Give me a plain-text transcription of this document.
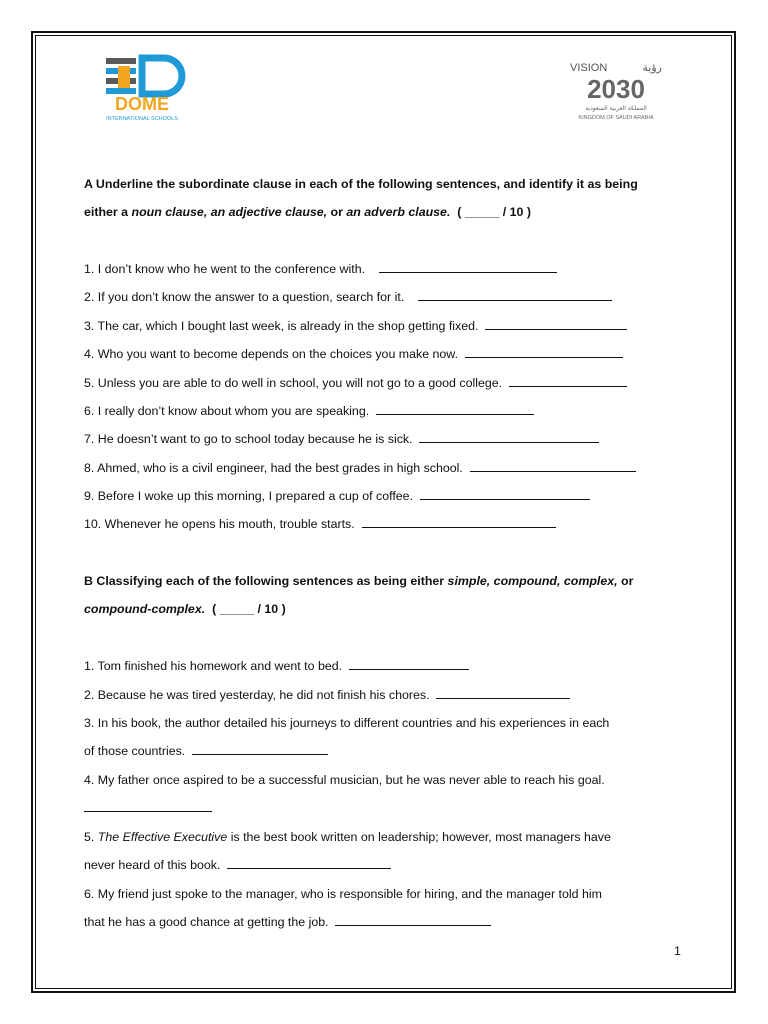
DOME
INTERNATIONAL SCHOOLS
VISION	رؤية
2030
المملكة العربية السعودية
KINGDOM OF SAUDI ARABIA
A Underline the subordinate clause in each of the following sentences, and identify it as being
either a noun clause, an adjective clause, or an adverb clause. ( _____ / 10 )
1. I don’t know who he went to the conference with.
2. If you don’t know the answer to a question, search for it.
3. The car, which I bought last week, is already in the shop getting fixed.
4. Who you want to become depends on the choices you make now.
5. Unless you are able to do well in school, you will not go to a good college.
6. I really don’t know about whom you are speaking.
7. He doesn’t want to go to school today because he is sick.
8. Ahmed, who is a civil engineer, had the best grades in high school.
9. Before I woke up this morning, I prepared a cup of coffee.
10. Whenever he opens his mouth, trouble starts.
B Classifying each of the following sentences as being either simple, compound, complex, or
compound-complex. ( _____ / 10 )
1. Tom finished his homework and went to bed.
2. Because he was tired yesterday, he did not finish his chores.
3. In his book, the author detailed his journeys to different countries and his experiences in each
of those countries.
4. My father once aspired to be a successful musician, but he was never able to reach his goal.
5. The Effective Executive is the best book written on leadership; however, most managers have
never heard of this book.
6. My friend just spoke to the manager, who is responsible for hiring, and the manager told him
that he has a good chance at getting the job.
1
